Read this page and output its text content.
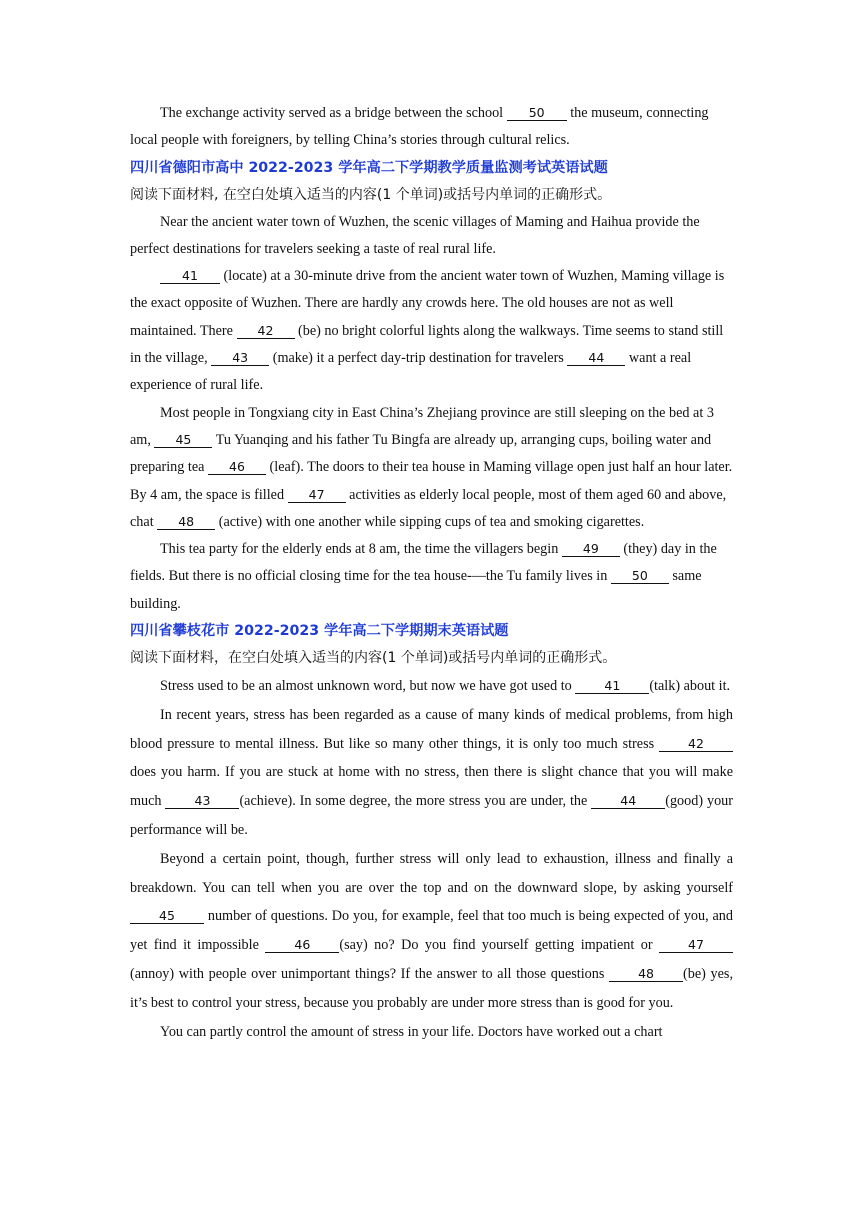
The exchange activity served as a bridge between the school 50 the museum, connecting local people with foreigners, by telling China’s stories through cultural relics.

四川省德阳市高中 2022-2023 学年高二下学期教学质量监测考试英语试题

阅读下面材料, 在空白处填入适当的内容(1 个单词)或括号内单词的正确形式。

Near the ancient water town of Wuzhen, the scenic villages of Maming and Haihua provide the perfect destinations for travelers seeking a taste of real rural life.

41 (locate) at a 30-minute drive from the ancient water town of Wuzhen, Maming village is the exact opposite of Wuzhen. There are hardly any crowds here. The old houses are not as well maintained. There 42 (be) no bright colorful lights along the walkways. Time seems to stand still in the village, 43 (make) it a perfect day-trip destination for travelers 44 want a real experience of rural life.

Most people in Tongxiang city in East China’s Zhejiang province are still sleeping on the bed at 3 am, 45 Tu Yuanqing and his father Tu Bingfa are already up, arranging cups, boiling water and preparing tea 46 (leaf). The doors to their tea house in Maming village open just half an hour later. By 4 am, the space is filled 47 activities as elderly local people, most of them aged 60 and above, chat 48 (active) with one another while sipping cups of tea and smoking cigarettes.

This tea party for the elderly ends at 8 am, the time the villagers begin 49 (they) day in the fields. But there is no official closing time for the tea house-—the Tu family lives in 50 same building.

四川省攀枝花市 2022-2023 学年高二下学期期末英语试题

阅读下面材料，在空白处填入适当的内容(1 个单词)或括号内单词的正确形式。

Stress used to be an almost unknown word, but now we have got used to 41 (talk) about it.

In recent years, stress has been regarded as a cause of many kinds of medical problems, from high blood pressure to mental illness. But like so many other things, it is only too much stress 42 does you harm. If you are stuck at home with no stress, then there is slight chance that you will make much 43 (achieve). In some degree, the more stress you are under, the 44 (good) your performance will be.

Beyond a certain point, though, further stress will only lead to exhaustion, illness and finally a breakdown. You can tell when you are over the top and on the downward slope, by asking yourself 45 number of questions. Do you, for example, feel that too much is being expected of you, and yet find it impossible 46 (say) no? Do you find yourself getting impatient or 47(annoy) with people over unimportant things? If the answer to all those questions 48 (be) yes, it’s best to control your stress, because you probably are under more stress than is good for you.

You can partly control the amount of stress in your life. Doctors have worked out a chart
